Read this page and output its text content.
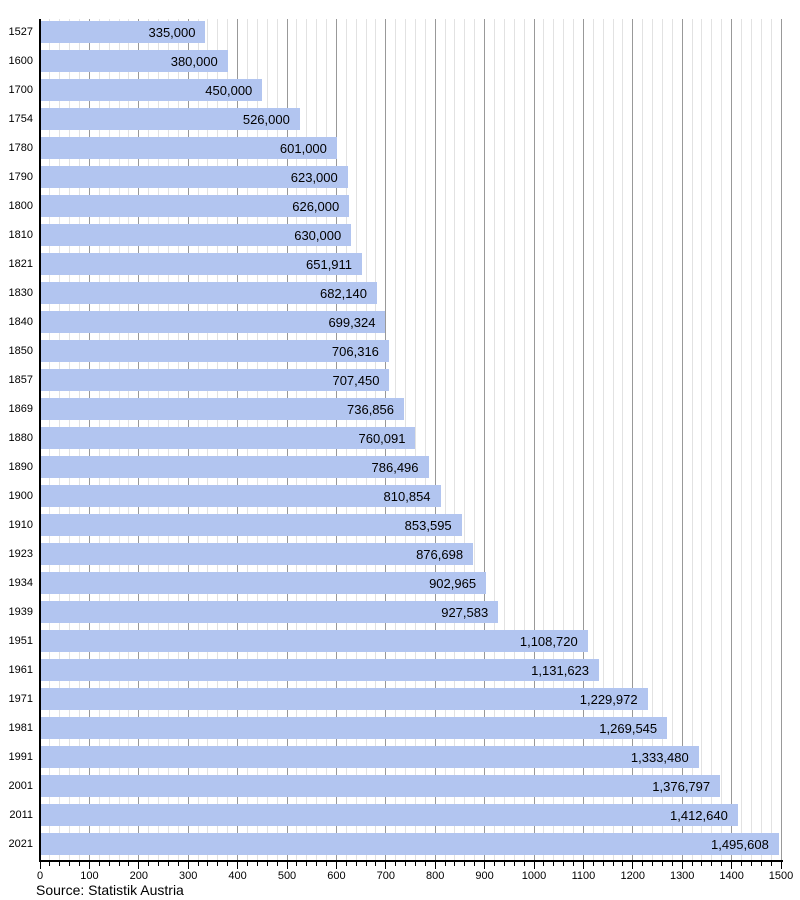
1527	335,000
1600	380,000
1700	450,000
1754	526,000
1780	601,000
1790	623,000
1800	626,000
1810	630,000
1821	651,911
1830	682,140
1840	699,324
1850	706,316
1857	707,450
1869	736,856
1880	760,091
1890	786,496
1900	810,854
1910	853,595
1923	876,698
1934	902,965
1939	927,583
1951	1,108,720
1961	1,131,623
1971	1,229,972
1981	1,269,545
1991	1,333,480
2001	1,376,797
2011	1,412,640
2021	1,495,608
0	100	200	300	400	500	600	700	800	900	1000 1100 1200 1300 1400 1500
Source: Statistik Austria
